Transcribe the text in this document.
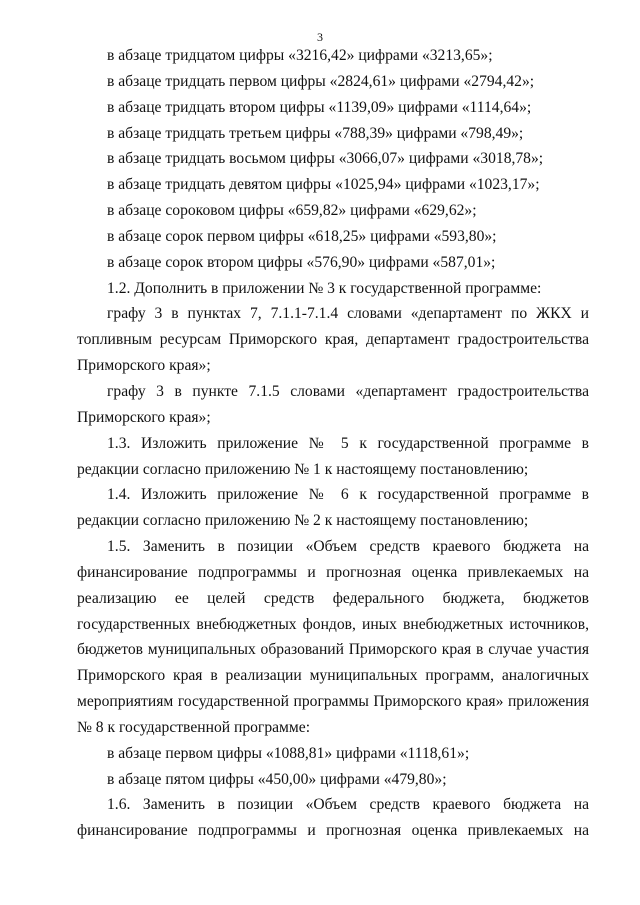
3

в абзаце тридцатом цифры «3216,42» цифрами «3213,65»;

в абзаце тридцать первом цифры «2824,61» цифрами «2794,42»;

в абзаце тридцать втором цифры «1139,09» цифрами «1114,64»;

в абзаце тридцать третьем цифры «788,39» цифрами «798,49»;

в абзаце тридцать восьмом цифры «3066,07» цифрами «3018,78»;

в абзаце тридцать девятом цифры «1025,94» цифрами «1023,17»;

в абзаце сороковом цифры «659,82» цифрами «629,62»;

в абзаце сорок первом цифры «618,25» цифрами «593,80»;

в абзаце сорок втором цифры «576,90» цифрами «587,01»;

1.2. Дополнить в приложении № 3 к государственной программе:

графу 3 в пунктах 7, 7.1.1-7.1.4 словами «департамент по ЖКХ и топливным ресурсам Приморского края, департамент градостроительства Приморского края»;

графу 3 в пункте 7.1.5 словами «департамент градостроительства Приморского края»;

1.3. Изложить приложение № 5 к государственной программе в редакции согласно приложению № 1 к настоящему постановлению;

1.4. Изложить приложение № 6 к государственной программе в редакции согласно приложению № 2 к настоящему постановлению;

1.5. Заменить в позиции «Объем средств краевого бюджета на финансирование подпрограммы и прогнозная оценка привлекаемых на реализацию ее целей средств федерального бюджета, бюджетов государственных внебюджетных фондов, иных внебюджетных источников, бюджетов муниципальных образований Приморского края в случае участия Приморского края в реализации муниципальных программ, аналогичных мероприятиям государственной программы Приморского края» приложения № 8 к государственной программе:

в абзаце первом цифры «1088,81» цифрами «1118,61»;

в абзаце пятом цифры «450,00» цифрами «479,80»;

1.6. Заменить в позиции «Объем средств краевого бюджета на финансирование подпрограммы и прогнозная оценка привлекаемых на
